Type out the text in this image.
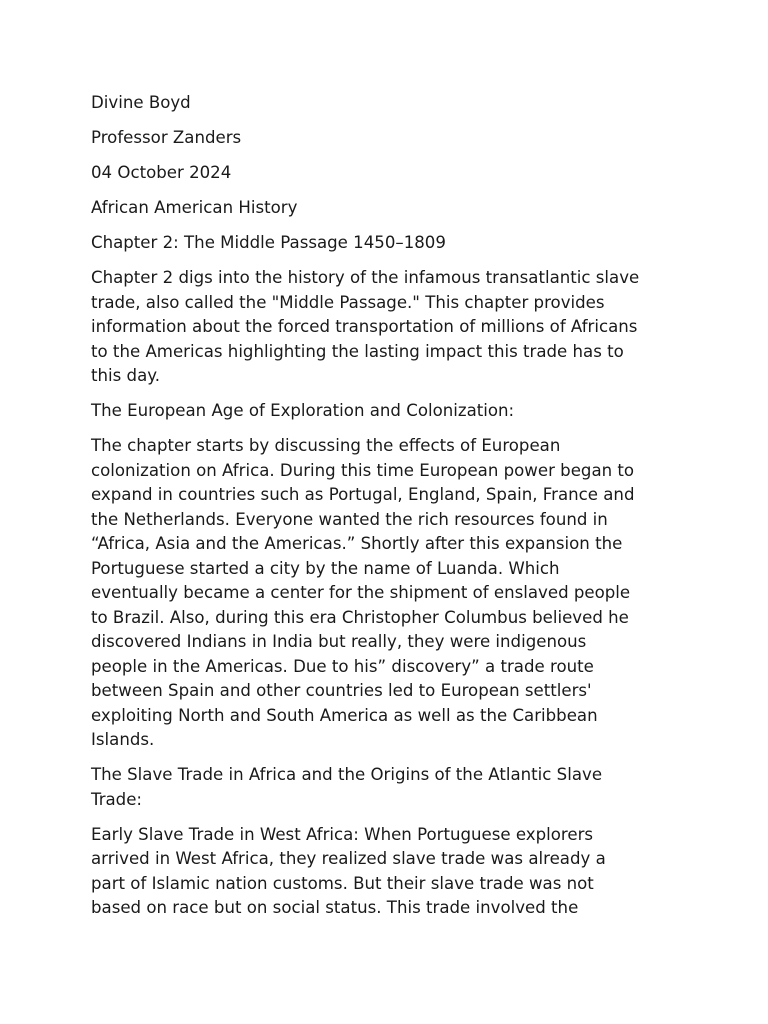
Divine Boyd
Professor Zanders
04 October 2024
African American History
Chapter 2: The Middle Passage 1450–1809
Chapter 2 digs into the history of the infamous transatlantic slave
trade, also called the "Middle Passage." This chapter provides
information about the forced transportation of millions of Africans
to the Americas highlighting the lasting impact this trade has to
this day.
The European Age of Exploration and Colonization:
The chapter starts by discussing the effects of European
colonization on Africa. During this time European power began to
expand in countries such as Portugal, England, Spain, France and
the Netherlands. Everyone wanted the rich resources found in
“Africa, Asia and the Americas.” Shortly after this expansion the
Portuguese started a city by the name of Luanda. Which
eventually became a center for the shipment of enslaved people
to Brazil. Also, during this era Christopher Columbus believed he
discovered Indians in India but really, they were indigenous
people in the Americas. Due to his” discovery” a trade route
between Spain and other countries led to European settlers'
exploiting North and South America as well as the Caribbean
Islands.
The Slave Trade in Africa and the Origins of the Atlantic Slave
Trade:
Early Slave Trade in West Africa: When Portuguese explorers
arrived in West Africa, they realized slave trade was already a
part of Islamic nation customs. But their slave trade was not
based on race but on social status. This trade involved the
